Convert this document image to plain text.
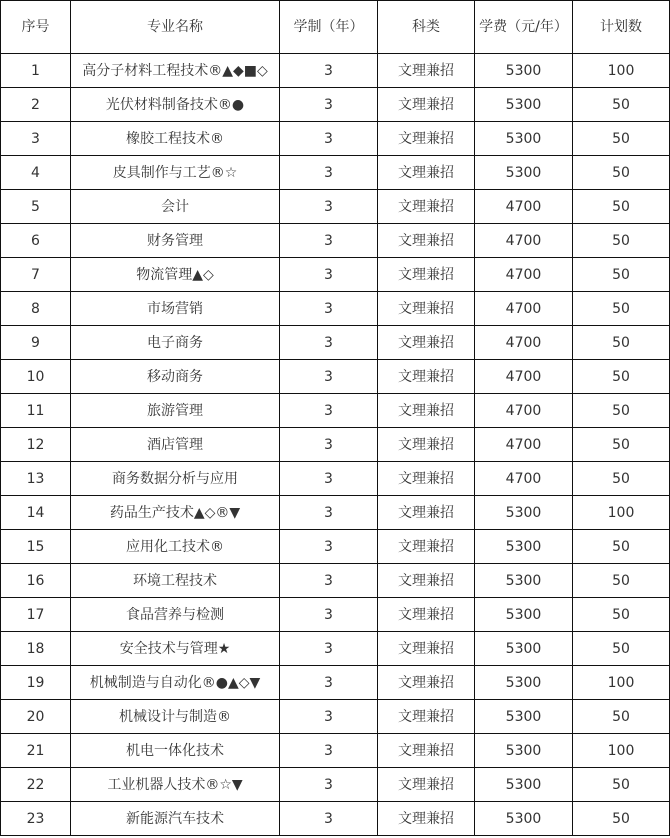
序号	专业名称	学制（年）	科类	学费（元/年）	计划数
1	高分子材料工程技术®▲◆■◇	3	文理兼招	5300	100
2	光伏材料制备技术®●	3	文理兼招	5300	50
3	橡胶工程技术®	3	文理兼招	5300	50
4	皮具制作与工艺®☆	3	文理兼招	5300	50
5	会计	3	文理兼招	4700	50
6	财务管理	3	文理兼招	4700	50
7	物流管理▲◇	3	文理兼招	4700	50
8	市场营销	3	文理兼招	4700	50
9	电子商务	3	文理兼招	4700	50
10	移动商务	3	文理兼招	4700	50
11	旅游管理	3	文理兼招	4700	50
12	酒店管理	3	文理兼招	4700	50
13	商务数据分析与应用	3	文理兼招	4700	50
14	药品生产技术▲◇®▼	3	文理兼招	5300	100
15	应用化工技术®	3	文理兼招	5300	50
16	环境工程技术	3	文理兼招	5300	50
17	食品营养与检测	3	文理兼招	5300	50
18	安全技术与管理★	3	文理兼招	5300	50
19	机械制造与自动化®●▲◇▼	3	文理兼招	5300	100
20	机械设计与制造®	3	文理兼招	5300	50
21	机电一体化技术	3	文理兼招	5300	100
22	工业机器人技术®☆▼	3	文理兼招	5300	50
23	新能源汽车技术	3	文理兼招	5300	50
